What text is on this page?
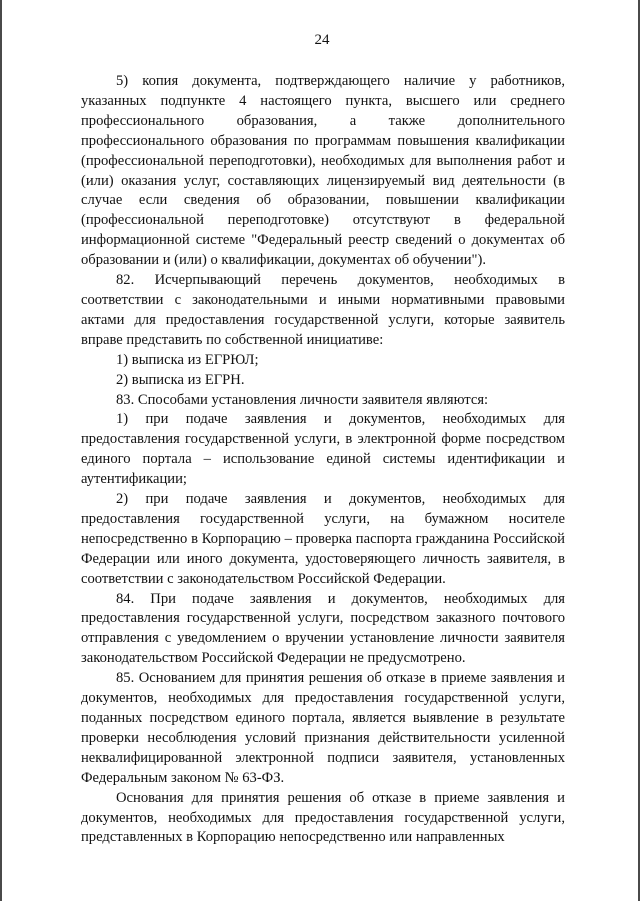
24

5) копия документа, подтверждающего наличие у работников, указанных подпункте 4 настоящего пункта, высшего или среднего профессионального образования, а также дополнительного профессионального образования по программам повышения квалификации (профессиональной переподготовки), необходимых для выполнения работ и (или) оказания услуг, составляющих лицензируемый вид деятельности (в случае если сведения об образовании, повышении квалификации (профессиональной переподготовке) отсутствуют в федеральной информационной системе "Федеральный реестр сведений о документах об образовании и (или) о квалификации, документах об обучении").

82. Исчерпывающий перечень документов, необходимых в соответствии с законодательными и иными нормативными правовыми актами для предоставления государственной услуги, которые заявитель вправе представить по собственной инициативе:

1) выписка из ЕГРЮЛ;

2) выписка из ЕГРН.

83. Способами установления личности заявителя являются:

1) при подаче заявления и документов, необходимых для предоставления государственной услуги, в электронной форме посредством единого портала – использование единой системы идентификации и аутентификации;

2) при подаче заявления и документов, необходимых для предоставления государственной услуги, на бумажном носителе непосредственно в Корпорацию – проверка паспорта гражданина Российской Федерации или иного документа, удостоверяющего личность заявителя, в соответствии с законодательством Российской Федерации.

84. При подаче заявления и документов, необходимых для предоставления государственной услуги, посредством заказного почтового отправления с уведомлением о вручении установление личности заявителя законодательством Российской Федерации не предусмотрено.

85. Основанием для принятия решения об отказе в приеме заявления и документов, необходимых для предоставления государственной услуги, поданных посредством единого портала, является выявление в результате проверки несоблюдения условий признания действительности усиленной неквалифицированной электронной подписи заявителя, установленных Федеральным законом № 63-ФЗ.

Основания для принятия решения об отказе в приеме заявления и документов, необходимых для предоставления государственной услуги, представленных в Корпорацию непосредственно или направленных
